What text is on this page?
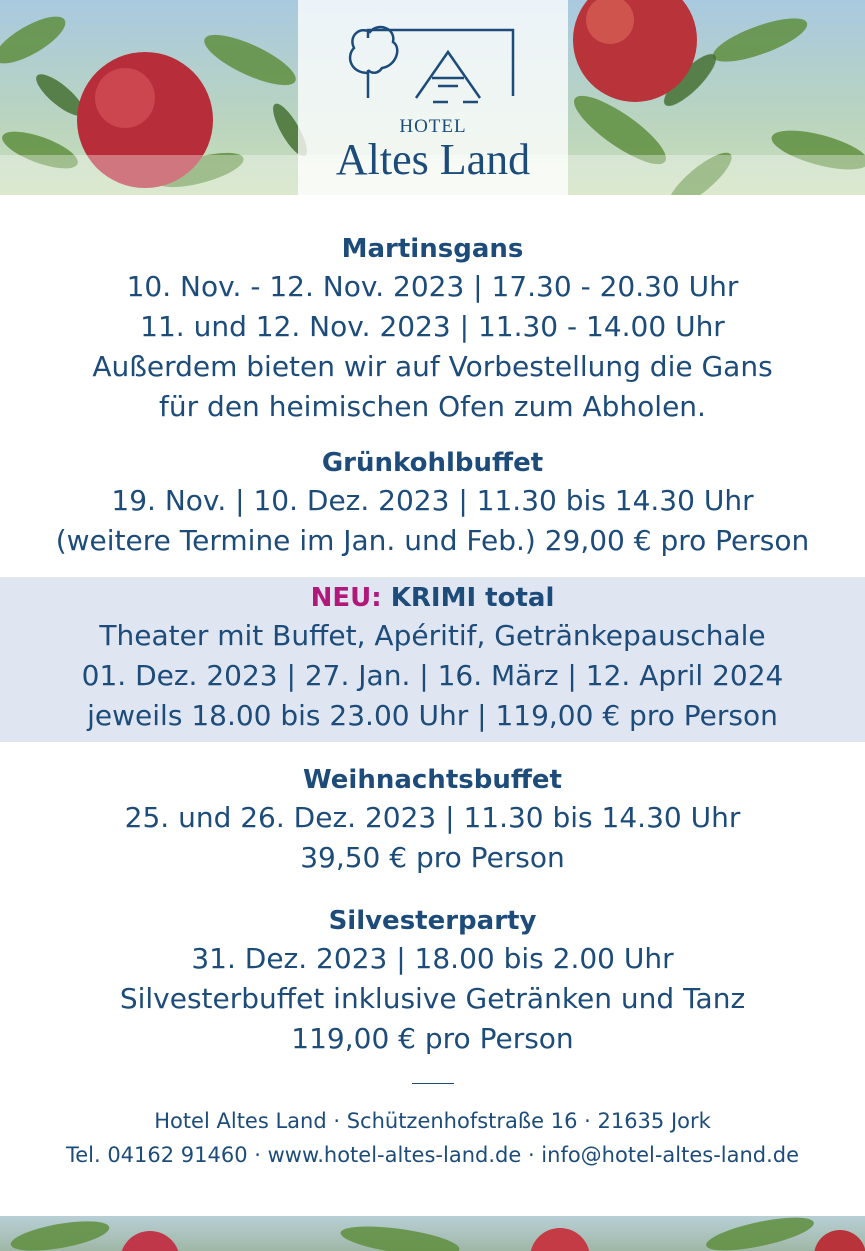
HOTEL
Altes Land
Martinsgans
10. Nov. - 12. Nov. 2023 | 17.30 - 20.30 Uhr
11. und 12. Nov. 2023 | 11.30 - 14.00 Uhr
Außerdem bieten wir auf Vorbestellung die Gans
für den heimischen Ofen zum Abholen.
Grünkohlbuffet
19. Nov. | 10. Dez. 2023 | 11.30 bis 14.30 Uhr
(weitere Termine im Jan. und Feb.) 29,00 € pro Person
NEU: KRIMI total
Theater mit Buffet, Apéritif, Getränkepauschale
01. Dez. 2023 | 27. Jan. | 16. März | 12. April 2024
jeweils 18.00 bis 23.00 Uhr | 119,00 € pro Person
Weihnachtsbuffet
25. und 26. Dez. 2023 | 11.30 bis 14.30 Uhr
39,50 € pro Person
Silvesterparty
31. Dez. 2023 | 18.00 bis 2.00 Uhr
Silvesterbuffet inklusive Getränken und Tanz
119,00 € pro Person
Hotel Altes Land · Schützenhofstraße 16 · 21635 Jork
Tel. 04162 91460 · www.hotel-altes-land.de · info@hotel-altes-land.de
